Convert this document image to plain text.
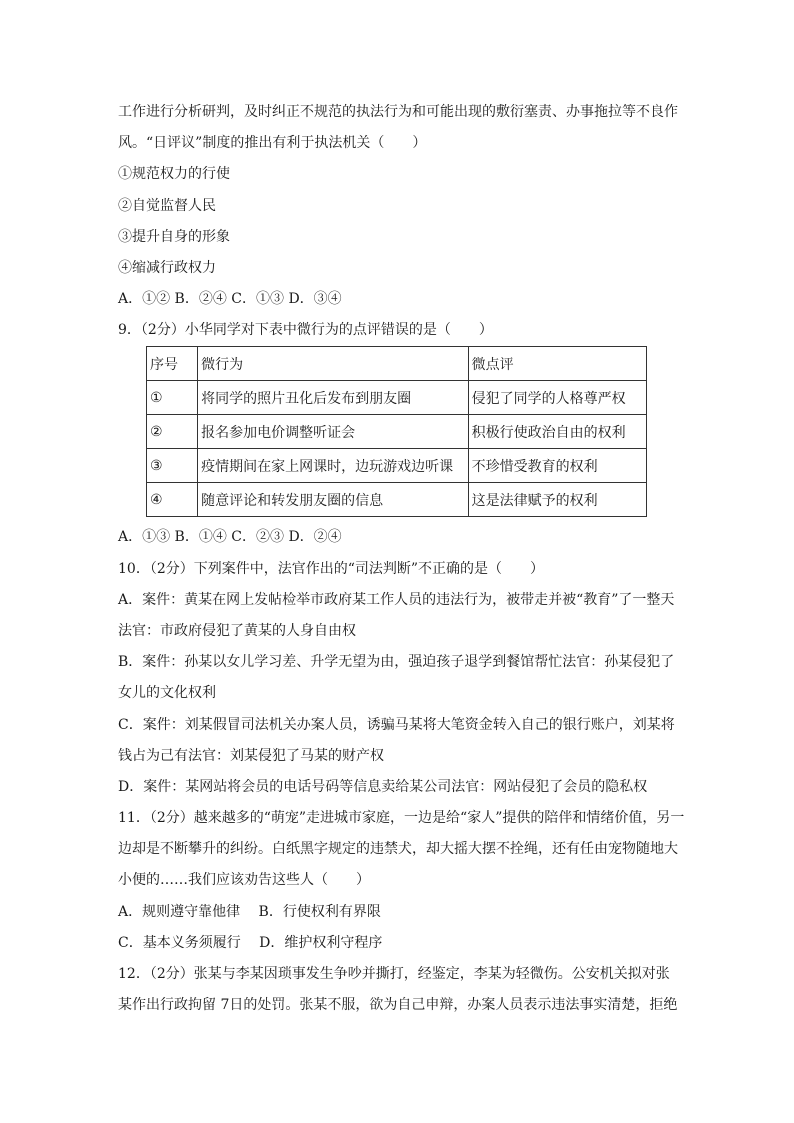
工作进行分析研判，及时纠正不规范的执法行为和可能出现的敷衍塞责、办事拖拉等不良作
风。“日评议”制度的推出有利于执法机关（　　）
①规范权力的行使
②自觉监督人民
③提升自身的形象
④缩减行政权力
A．①② B．②④ C．①③ D．③④
9．（2分）小华同学对下表中微行为的点评错误的是（　　）
序号	微行为	微点评
①	将同学的照片丑化后发布到朋友圈	侵犯了同学的人格尊严权
②	报名参加电价调整听证会	积极行使政治自由的权利
③	疫情期间在家上网课时，边玩游戏边听课	不珍惜受教育的权利
④	随意评论和转发朋友圈的信息	这是法律赋予的权利
A．①③ B．①④ C．②③ D．②④
10．（2分）下列案件中，法官作出的“司法判断”不正确的是（　　）
A．案件：黄某在网上发帖检举市政府某工作人员的违法行为，被带走并被“教育”了一整天
法官：市政府侵犯了黄某的人身自由权
B．案件：孙某以女儿学习差、升学无望为由，强迫孩子退学到餐馆帮忙法官：孙某侵犯了
女儿的文化权利
C．案件：刘某假冒司法机关办案人员，诱骗马某将大笔资金转入自己的银行账户，刘某将
钱占为己有法官：刘某侵犯了马某的财产权
D．案件：某网站将会员的电话号码等信息卖给某公司法官：网站侵犯了会员的隐私权
11．（2分）越来越多的“萌宠”走进城市家庭，一边是给“家人”提供的陪伴和情绪价值，另一
边却是不断攀升的纠纷。白纸黑字规定的违禁犬，却大摇大摆不拴绳，还有任由宠物随地大
小便的……我们应该劝告这些人（　　）
A．规则遵守靠他律　 B．行使权利有界限
C．基本义务须履行　 D．维护权利守程序
12．（2分）张某与李某因琐事发生争吵并撕打，经鉴定，李某为轻微伤。公安机关拟对张
某作出行政拘留 7日的处罚。张某不服，欲为自己申辩，办案人员表示违法事实清楚，拒绝
